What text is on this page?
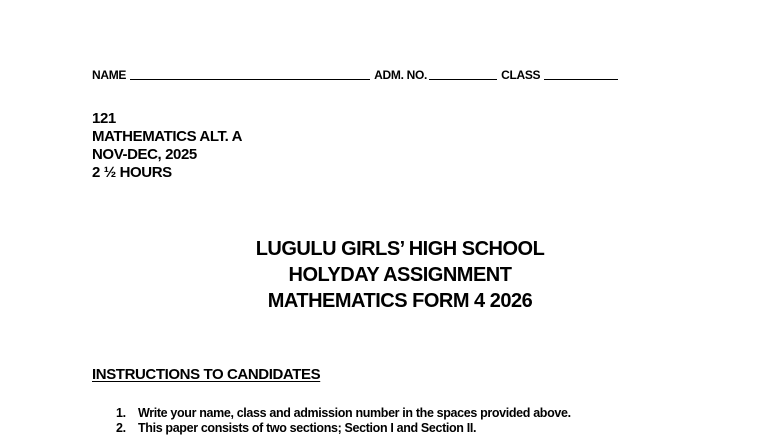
NAME	ADM. NO.	CLASS
121
MATHEMATICS ALT. A
NOV-DEC, 2025
2 ½ HOURS
LUGULU GIRLS’ HIGH SCHOOL
HOLYDAY ASSIGNMENT
MATHEMATICS FORM 4 2026
INSTRUCTIONS TO CANDIDATES
1. Write your name, class and admission number in the spaces provided above.
2. This paper consists of two sections; Section I and Section II.
